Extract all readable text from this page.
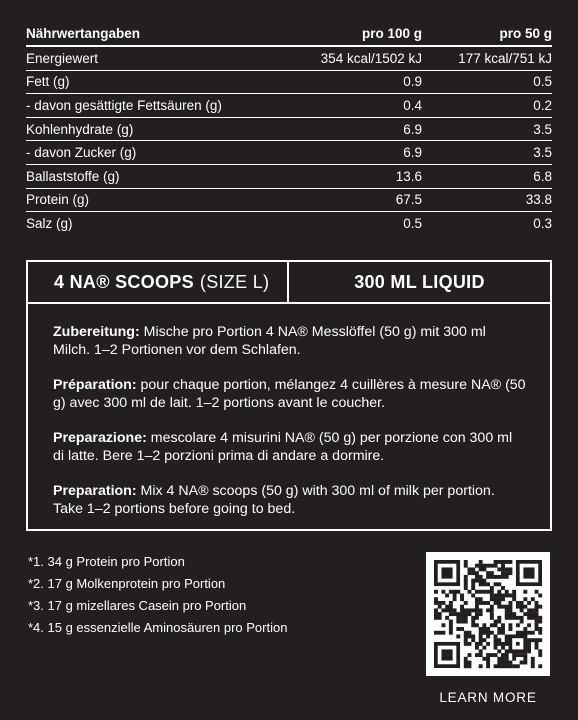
Nährwertangaben	pro 100 g	pro 50 g
Energiewert	354 kcal/1502 kJ	177 kcal/751 kJ
Fett (g)	0.9	0.5
- davon gesättigte Fettsäuren (g)	0.4	0.2
Kohlenhydrate (g)	6.9	3.5
- davon Zucker (g)	6.9	3.5
Ballaststoffe (g)	13.6	6.8
Protein (g)	67.5	33.8
Salz (g)	0.5	0.3
4 NA® SCOOPS (SIZE L)	300 ML LIQUID

Zubereitung: Mische pro Portion 4 NA® Messlöffel (50 g) mit 300 ml Milch. 1–2 Portionen vor dem Schlafen.

Préparation: pour chaque portion, mélangez 4 cuillères à mesure NA® (50 g) avec 300 ml de lait. 1–2 portions avant le coucher.

Preparazione: mescolare 4 misurini NA® (50 g) per porzione con 300 ml di latte. Bere 1–2 porzioni prima di andare a dormire.

Preparation: Mix 4 NA® scoops (50 g) with 300 ml of milk per portion. Take 1–2 portions before going to bed.

*1. 34 g Protein pro Portion
*2. 17 g Molkenprotein pro Portion
*3. 17 g mizellares Casein pro Portion
*4. 15 g essenzielle Aminosäuren pro Portion
LEARN MORE
